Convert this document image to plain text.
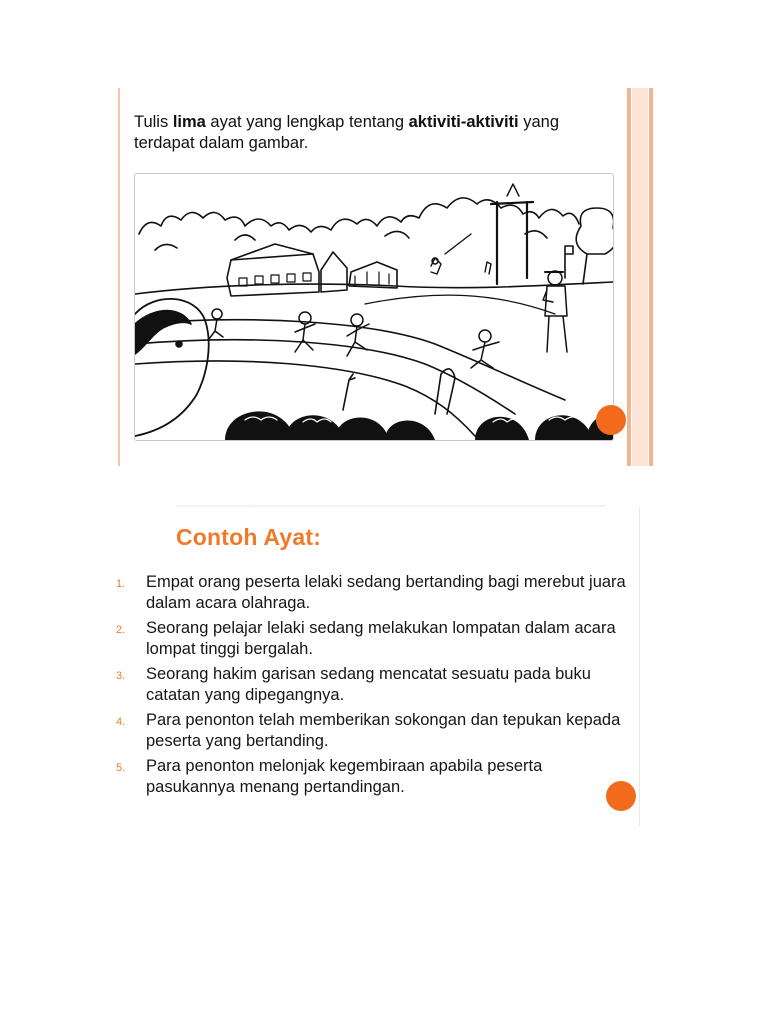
Tulis lima ayat yang lengkap tentang aktiviti-aktiviti yang terdapat dalam gambar.

Contoh Ayat:
1. Empat orang peserta lelaki sedang bertanding bagi merebut juara dalam acara olahraga.
2. Seorang pelajar lelaki sedang melakukan lompatan dalam acara lompat tinggi bergalah.
3. Seorang hakim garisan sedang mencatat sesuatu pada buku catatan yang dipegangnya.
4. Para penonton telah memberikan sokongan dan tepukan kepada peserta yang bertanding.
5. Para penonton melonjak kegembiraan apabila peserta pasukannya menang pertandingan.
